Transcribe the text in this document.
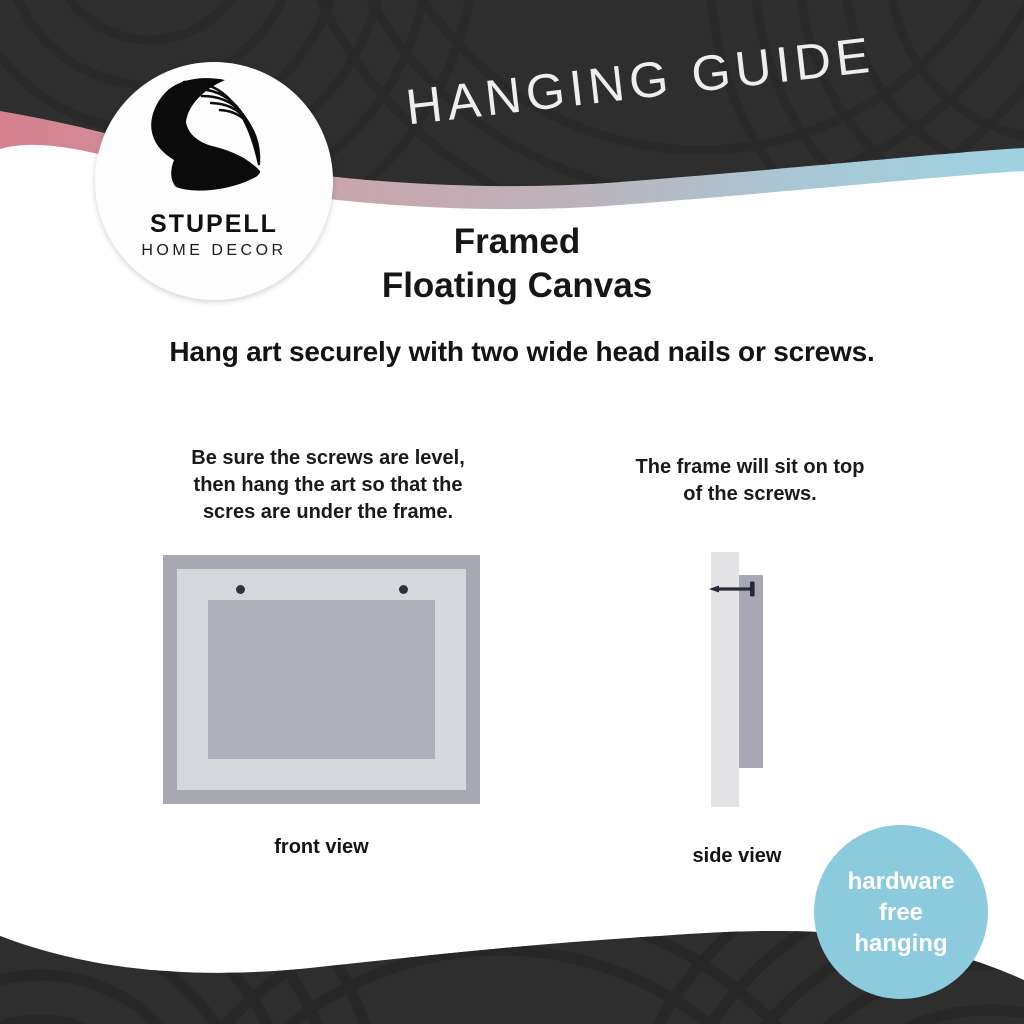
HANGING GUIDE
STUPELL
HOME DECOR	Framed
Floating Canvas
Hang art securely with two wide head nails or screws.
Be sure the screws are level,
then hang the art so that the
scres are under the frame.
front view
The frame will sit on top
of the screws.
side view
hardware
free
hanging
